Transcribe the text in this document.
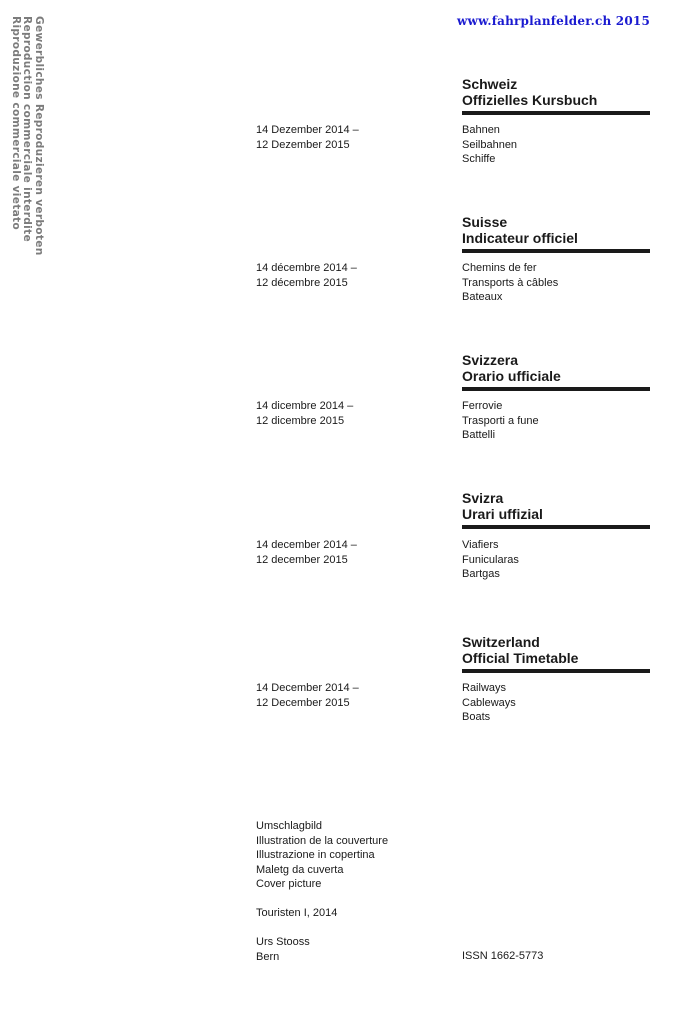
www.fahrplanfelder.ch 2015
Gewerbliches Reproduzieren verboten
Reproduction commerciale interdite
Riproduzione commerciale vietato	Schweiz
Offizielles Kursbuch
14 Dezember 2014 –
12 Dezember 2015
Bahnen
Seilbahnen
Schiffe
Suisse
Indicateur officiel
14 décembre 2014 –
12 décembre 2015
Chemins de fer
Transports à câbles
Bateaux
Svizzera
Orario ufficiale
14 dicembre 2014 –
12 dicembre 2015
Ferrovie
Trasporti a fune
Battelli
Svizra
Urari uffizial
14 december 2014 –
12 december 2015
Viafiers
Funicularas
Bartgas
Switzerland
Official Timetable
14 December 2014 –
12 December 2015
Railways
Cableways
Boats
Umschlagbild
Illustration de la couverture
Illustrazione in copertina
Maletg da cuverta
Cover picture
Touristen I, 2014
Urs Stooss
Bern	ISSN 1662-5773
